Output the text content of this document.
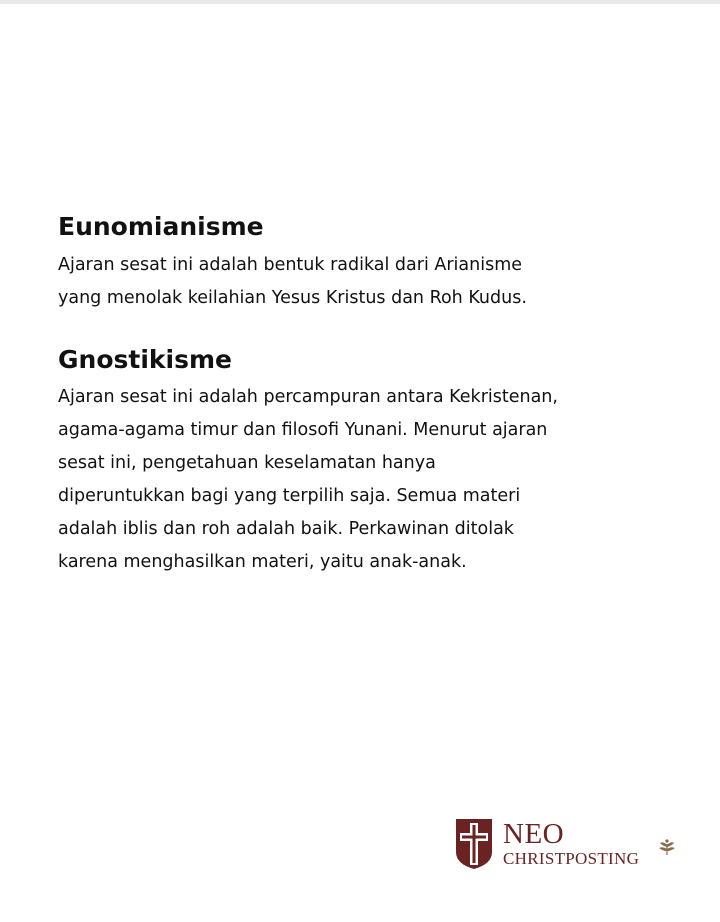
Eunomianisme

Ajaran sesat ini adalah bentuk radikal dari Arianisme
yang menolak keilahian Yesus Kristus dan Roh Kudus.

Gnostikisme

Ajaran sesat ini adalah percampuran antara Kekristenan,
agama-agama timur dan filosofi Yunani. Menurut ajaran
sesat ini, pengetahuan keselamatan hanya
diperuntukkan bagi yang terpilih saja. Semua materi
adalah iblis dan roh adalah baik. Perkawinan ditolak
karena menghasilkan materi, yaitu anak-anak.

NEO
CHRISTPOSTING
